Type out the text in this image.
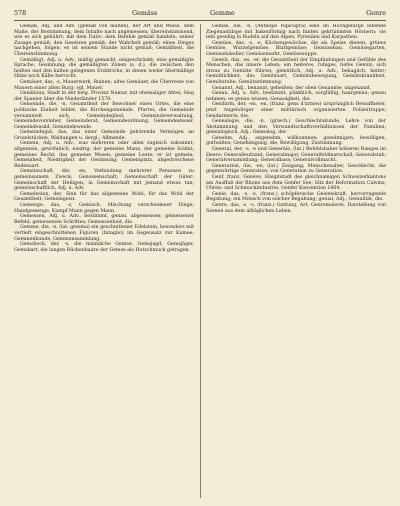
578	Gemäss	Gemme	Genre

Gemäß, Adj. und Adv. (gemäß von mäßen), der Art und Weise, dem Maße, der Bestimmung, dem Inhalte nach angemessen; übereinstimmend, wie es sich gebührt; mit dem Dativ: dem Befehle gemäß handeln; seiner Zusage gemäß; den Gesetzen gemäß; der Wahrheit gemäß; eines Dinges nachgehen, folgen; es ist seinem Stande nicht gemäß; Gemäßheit, die Übereinstimmung.

Gemäßigt, Adj. u. Adv., mäßig gemacht, eingeschränkt; eine gemäßigte Sprache, Gesinnung; die gemäßigten Zonen (s. d.), die zwischen den heißen und den kalten gelegenen Erdstriche, in denen weder übermäßige Hitze noch Kälte herrscht.

Gemäuer, das, -s, Mauerwerk, Ruinen; altes Gemäuer, die Überreste von Mauern einer alten Burg; vgl. Mauer.

Gembloux, Stadt in der belg. Provinz Namur, mit ehemaliger Abtei; Sieg der Spanier über die Niederländer 1578.

Gemeinde, die, -n, Gesamtheit der Bewohner eines Ortes, die eine politische Einheit bildet; die Kirchengemeinde, Pfarrei; die Gemeinde versammelt sich; Gemeindeglied, Gemeindeverwaltung, Gemeindevorsteher, Gemeinderat, Gemeindeordnung, Gemeindesteuer, Gemeindewald, Gemeindeweide.

Gemeindegut, das, das einer Gemeinde gehörende Vermögen an Grundstücken, Waldungen u. dergl.; Allmende.

Gemein, Adj. u. Adv., was mehreren oder allen zugleich zukommt; allgemein, gewöhnlich, niedrig; der gemeine Mann, der gemeine Soldat; gemeines Recht; das gemeine Wesen; gemeine Leute; er ist gemein; Gemeinheit, Niedrigkeit der Gesinnung; Gemeinplatz, abgedroschene Redensart.

Gemeinschaft, die, -en, Verbindung mehrerer Personen zu gemeinsamem Zweck; Genossenschaft; Gemeinschaft der Güter; Gemeinschaft der Heiligen; in Gemeinschaft mit jemand etwas tun; gemeinschaftlich, Adj. u. Adv.

Gemeinsinn, der, Sinn für das allgemeine Wohl, für das Wohl der Gesamtheit; Gemeingeist.

Gemenge, das, -s, Gemisch, Mischung verschiedener Dinge; Handgemenge, Kampf Mann gegen Mann.

Gemessen, Adj. u. Adv., bestimmt, genau, abgemessen; gemessener Befehl; gemessenen Schrittes; Gemessenheit, die.

Gemme, die, -n, (lat. gemma) ein geschnittener Edelstein, besonders mit vertieft eingeschnittenen Figuren (Intaglio) im Gegensatz zur Kamee; Gemmenkunde, Gemmensammlung.

Gemsbock, der, -s, die männliche Gemse; Gemsjagd, Gemsjäger, Gemsbart, die langen Rückenhaare der Gemse als Hutschmuck getragen.

Gemse, die, -n, (Antilope rupicapra) eine im Hochgebirge lebende Ziegenantilope mit hakenförmig nach hinten gekrümmten Hörnern; sie lebt gesellig in Rudeln auf den Alpen, Pyrenäen und Karpathen.

Gemüse, das, -s, -e, Küchengewächse, die als Speise dienen; grünes Gemüse, Wurzelgemüse, Blattgemüse; Gemüsebau, Gemüsegarten, Gemüsehändler, Gemüsemarkt, Gemüsesuppe.

Gemüt, das, -es, -er, die Gesamtheit der Empfindungen und Gefühle des Menschen, das innere Leben; ein heiteres, ruhiges, tiefes Gemüt; sich etwas zu Gemüte führen; gemütlich, Adj. u. Adv., behaglich, heiter; Gemütlichkeit, die; Gemütsart, Gemütsbewegung, Gemütskrankheit, Gemütsruhe, Gemütsstimmung.

Genannt, Adj., benannt, geheißen; der oben Genannte; ungenannt.

Genau, Adj. u. Adv., bestimmt, pünktlich, sorgfältig, haargenau; genau nehmen; es genau wissen; Genauigkeit, die.

Gendarm, der, -en, -en, (franz. gens d'armes) ursprünglich Bewaffneter, jetzt Angehöriger einer militärisch organisierten Polizeitruppe; Gendarmerie, die.

Genealogie, die, -n, (griech.) Geschlechtskunde, Lehre von der Abstammung und den Verwandtschaftsverhältnissen der Familien; genealogisch, Adj.; Genealog, der.

Genehm, Adj., angenehm, willkommen; genehmigen, bewilligen, gutheißen; Genehmigung, die, Bewilligung, Zustimmung.

General, der, -s, -e und Generäle, (lat.) Befehlshaber höheren Ranges im Heere; Generalleutnant, Generalmajor, Generalfeldmarschall; Generalstab; Generalversammlung; Generalbass; Generalvollmacht.

Generation, die, -en, (lat.) Zeugung; Menschenalter, Geschlecht; die gegenwärtige Generation; von Generation zu Generation.

Genf, franz. Genève, Hauptstadt des gleichnamigen Schweizerkantons am Ausfluß der Rhone aus dem Genfer See; Sitz der Reformation Calvins; Uhren- und Schmuckindustrie; Genfer Konvention 1864.

Genie, das, -s, -s, (franz.) schöpferische Geisteskraft, hervorragende Begabung; ein Mensch von solcher Begabung; genial, Adj.; Genialität, die.

Genre, das, -s, -s, (franz.) Gattung, Art; Genremalerei, Darstellung von Szenen aus dem alltäglichen Leben.
